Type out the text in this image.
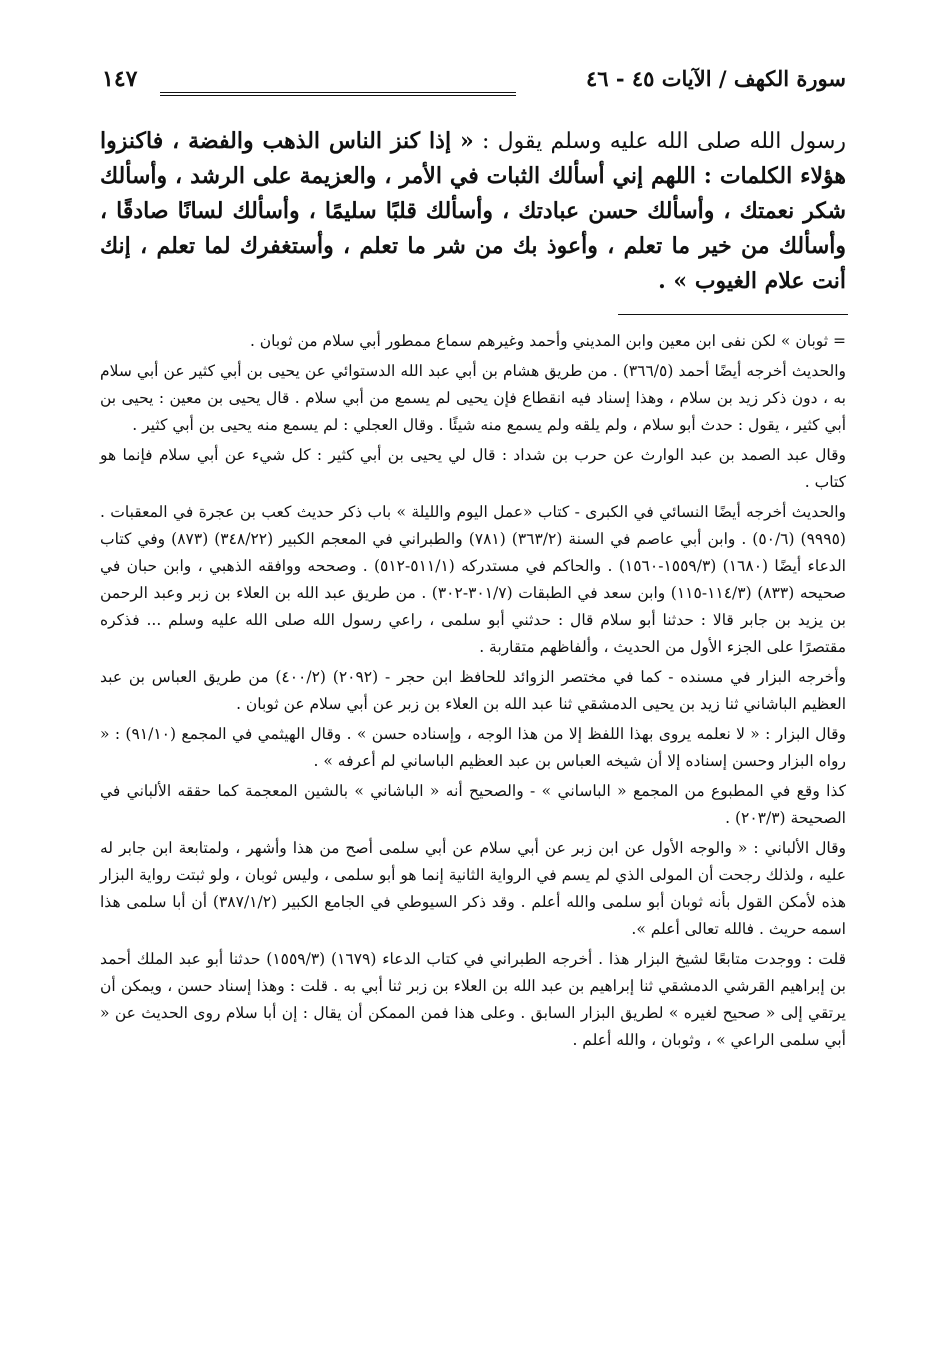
سورة الكهف / الآيات ٤٥ - ٤٦
١٤٧
رسول الله صلى الله عليه وسلم يقول : « إذا كنز الناس الذهب والفضة ، فاكنزوا هؤلاء الكلمات : اللهم إني أسألك الثبات في الأمر ، والعزيمة على الرشد ، وأسألك شكر نعمتك ، وأسألك حسن عبادتك ، وأسألك قلبًا سليمًا ، وأسألك لسانًا صادقًا ، وأسألك من خير ما تعلم ، وأعوذ بك من شر ما تعلم ، وأستغفرك لما تعلم ، إنك أنت علام الغيوب » .

= ثوبان » لكن نفى ابن معين وابن المديني وأحمد وغيرهم سماع ممطور أبي سلام من ثوبان .

والحديث أخرجه أيضًا أحمد (٣٦٦/٥) . من طريق هشام بن أبي عبد الله الدستوائي عن يحيى بن أبي كثير عن أبي سلام به ، دون ذكر زيد بن سلام ، وهذا إسناد فيه انقطاع فإن يحيى لم يسمع من أبي سلام . قال يحيى بن معين : يحيى بن أبي كثير ، يقول : حدث أبو سلام ، ولم يلقه ولم يسمع منه شيئًا . وقال العجلي : لم يسمع منه يحيى بن أبي كثير .

وقال عبد الصمد بن عبد الوارث عن حرب بن شداد : قال لي يحيى بن أبي كثير : كل شيء عن أبي سلام فإنما هو كتاب .

والحديث أخرجه أيضًا النسائي في الكبرى - كتاب «عمل اليوم والليلة » باب ذكر حديث كعب بن عجرة في المعقبات . (٩٩٩٥) (٥٠/٦) . وابن أبي عاصم في السنة (٣٦٣/٢) (٧٨١) والطبراني في المعجم الكبير (٣٤٨/٢٢) (٨٧٣) وفي كتاب الدعاء أيضًا (١٦٨٠) (١٥٥٩/٣-١٥٦٠) . والحاكم في مستدركه (٥١١/١-٥١٢) . وصححه ووافقه الذهبي ، وابن حبان في صحيحه (٨٣٣) (١١٤/٣-١١٥) وابن سعد في الطبقات (٣٠١/٧-٣٠٢) . من طريق عبد الله بن العلاء بن زبر وعبد الرحمن بن يزيد بن جابر قالا : حدثنا أبو سلام قال : حدثني أبو سلمى ، راعي رسول الله صلى الله عليه وسلم ... فذكره مقتصرًا على الجزء الأول من الحديث ، وألفاظهم متقاربة .

وأخرجه البزار في مسنده - كما في مختصر الزوائد للحافظ ابن حجر - (٢٠٩٢) (٤٠٠/٢) من طريق العباس بن عبد العظيم الباشاني ثنا زيد بن يحيى الدمشقي ثنا عبد الله بن العلاء بن زبر عن أبي سلام عن ثوبان .

وقال البزار : « لا نعلمه يروى بهذا اللفظ إلا من هذا الوجه ، وإسناده حسن » . وقال الهيثمي في المجمع (٩١/١٠) : « رواه البزار وحسن إسناده إلا أن شيخه العباس بن عبد العظيم الباساني لم أعرفه » .

كذا وقع في المطبوع من المجمع « الباساني » - والصحيح أنه « الباشاني » بالشين المعجمة كما حققه الألباني في الصحيحة (٢٠٣/٣) .

وقال الألباني : « والوجه الأول عن ابن زبر عن أبي سلام عن أبي سلمى أصح من هذا وأشهر ، ولمتابعة ابن جابر له عليه ، ولذلك رجحت أن المولى الذي لم يسم في الرواية الثانية إنما هو أبو سلمى ، وليس ثوبان ، ولو ثبتت رواية البزار هذه لأمكن القول بأنه ثوبان أبو سلمى والله أعلم . وقد ذكر السيوطي في الجامع الكبير (٣٨٧/١/٢) أن أبا سلمى هذا اسمه حريث . فالله تعالى أعلم ».

قلت : ووجدت متابعًا لشيخ البزار هذا . أخرجه الطبراني في كتاب الدعاء (١٦٧٩) (١٥٥٩/٣) حدثنا أبو عبد الملك أحمد بن إبراهيم القرشي الدمشقي ثنا إبراهيم بن عبد الله بن العلاء بن زبر ثنا أبي به . قلت : وهذا إسناد حسن ، ويمكن أن يرتقي إلى « صحيح لغيره » لطريق البزار السابق . وعلى هذا فمن الممكن أن يقال : إن أبا سلام روى الحديث عن « أبي سلمى الراعي » ، وثوبان ، والله أعلم .
